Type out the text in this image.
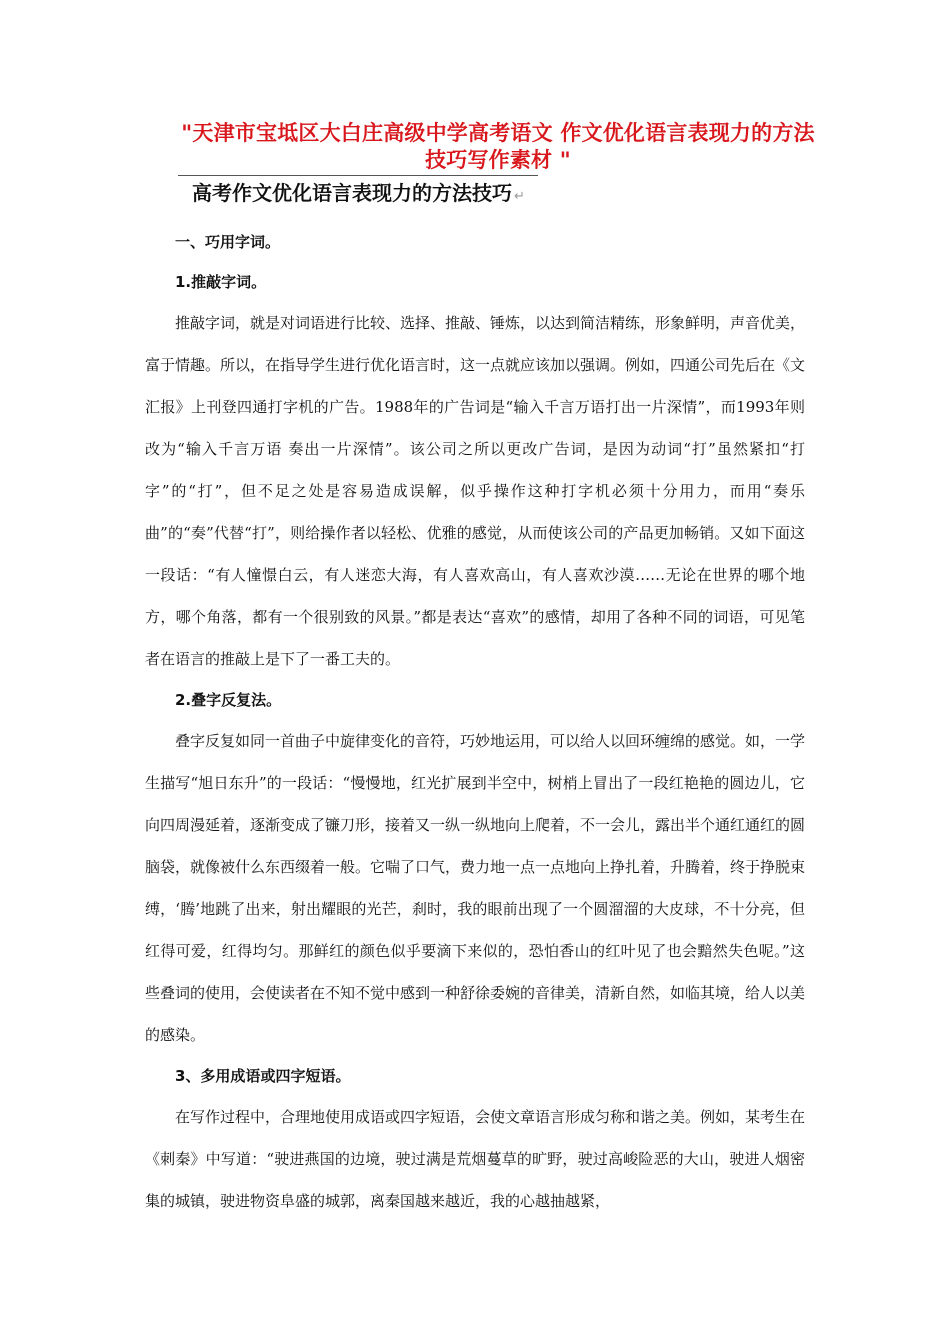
"天津市宝坻区大白庄高级中学高考语文 作文优化语言表现力的方法技巧写作素材 "
高考作文优化语言表现力的方法技巧 ↵

一、巧用字词。

1.推敲字词。

推敲字词，就是对词语进行比较、选择、推敲、锤炼，以达到简洁精练，形象鲜明，声音优美，富于情趣。所以，在指导学生进行优化语言时，这一点就应该加以强调。例如，四通公司先后在《文汇报》上刊登四通打字机的广告。1988年的广告词是“输入千言万语打出一片深情”，而1993年则改为“输入千言万语 奏出一片深情”。该公司之所以更改广告词，是因为动词“打”虽然紧扣“打字”的“打”，但不足之处是容易造成误解，似乎操作这种打字机必须十分用力，而用“奏乐曲”的“奏”代替“打”，则给操作者以轻松、优雅的感觉，从而使该公司的产品更加畅销。又如下面这一段话：“有人憧憬白云，有人迷恋大海，有人喜欢高山，有人喜欢沙漠……无论在世界的哪个地方，哪个角落，都有一个很别致的风景。”都是表达“喜欢”的感情，却用了各种不同的词语，可见笔者在语言的推敲上是下了一番工夫的。

2.叠字反复法。

叠字反复如同一首曲子中旋律变化的音符，巧妙地运用，可以给人以回环缠绵的感觉。如，一学生描写“旭日东升”的一段话：“慢慢地，红光扩展到半空中，树梢上冒出了一段红艳艳的圆边儿，它向四周漫延着，逐渐变成了镰刀形，接着又一纵一纵地向上爬着，不一会儿，露出半个通红通红的圆脑袋，就像被什么东西缀着一般。它喘了口气，费力地一点一点地向上挣扎着，升腾着，终于挣脱束缚，‘腾’地跳了出来，射出耀眼的光芒，刹时，我的眼前出现了一个圆溜溜的大皮球，不十分亮，但红得可爱，红得均匀。那鲜红的颜色似乎要滴下来似的，恐怕香山的红叶见了也会黯然失色呢。”这些叠词的使用，会使读者在不知不觉中感到一种舒徐委婉的音律美，清新自然，如临其境，给人以美的感染。

3、多用成语或四字短语。

在写作过程中，合理地使用成语或四字短语，会使文章语言形成匀称和谐之美。例如，某考生在《刺秦》中写道：“驶进燕国的边境，驶过满是荒烟蔓草的旷野，驶过高峻险恶的大山，驶进人烟密集的城镇，驶进物资阜盛的城郭，离秦国越来越近，我的心越抽越紧，
